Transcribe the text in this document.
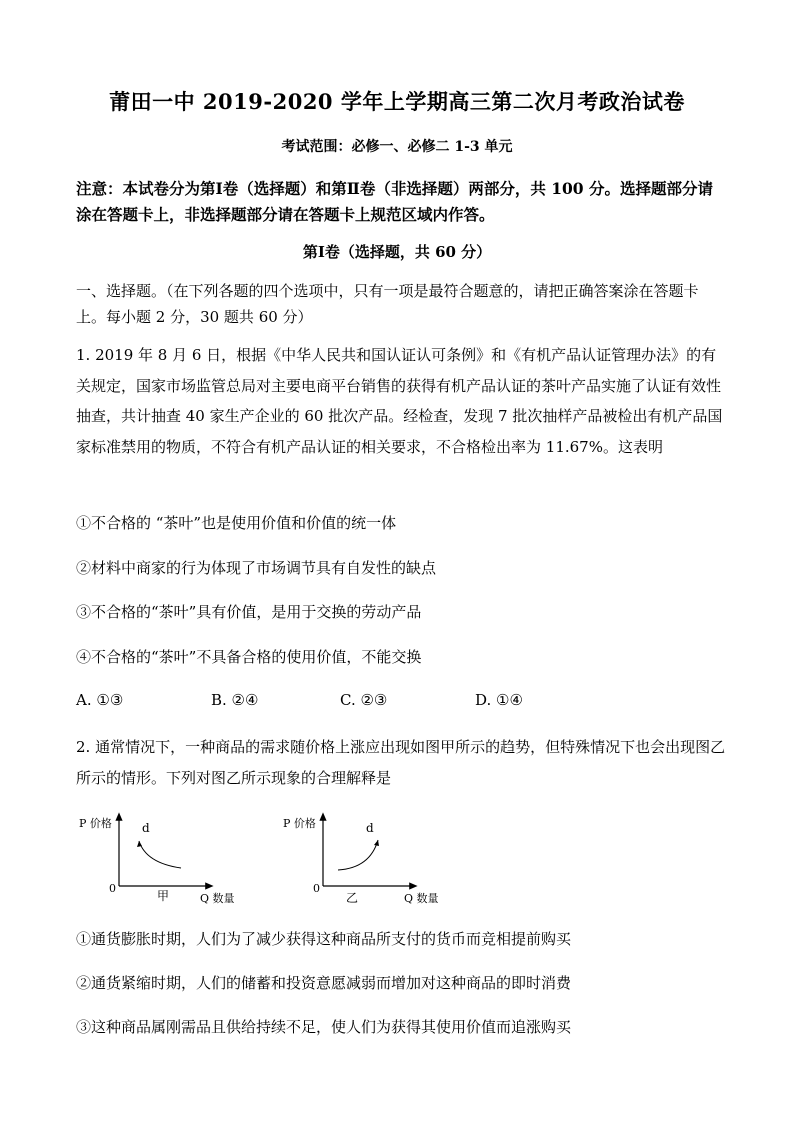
莆田一中 2019-2020 学年上学期高三第二次月考政治试卷
考试范围：必修一、必修二 1-3 单元
注意：本试卷分为第Ⅰ卷（选择题）和第Ⅱ卷（非选择题）两部分，共 100 分。选择题部分请涂在答题卡上，非选择题部分请在答题卡上规范区域内作答。
第Ⅰ卷（选择题，共 60 分）
一、选择题。（在下列各题的四个选项中，只有一项是最符合题意的，请把正确答案涂在答题卡上。每小题 2 分，30 题共 60 分）
1. 2019 年 8 月 6 日，根据《中华人民共和国认证认可条例》和《有机产品认证管理办法》的有关规定，国家市场监管总局对主要电商平台销售的获得有机产品认证的茶叶产品实施了认证有效性抽查，共计抽查 40 家生产企业的 60 批次产品。经检查，发现 7 批次抽样产品被检出有机产品国家标准禁用的物质，不符合有机产品认证的相关要求，不合格检出率为 11.67%。这表明
①不合格的 “茶叶”也是使用价值和价值的统一体
②材料中商家的行为体现了市场调节具有自发性的缺点
③不合格的“茶叶”具有价值，是用于交换的劳动产品
④不合格的“茶叶”不具备合格的使用价值，不能交换
A. ①③	B. ②④	C. ②③	D. ①④
2. 通常情况下，一种商品的需求随价格上涨应出现如图甲所示的趋势，但特殊情况下也会出现图乙所示的情形。下列对图乙所示现象的合理解释是
P 价格
0
d
甲	Q 数量
P 价格
0
d
乙	Q 数量
①通货膨胀时期，人们为了减少获得这种商品所支付的货币而竞相提前购买
②通货紧缩时期，人们的储蓄和投资意愿减弱而增加对这种商品的即时消费
③这种商品属刚需品且供给持续不足，使人们为获得其使用价值而追涨购买
